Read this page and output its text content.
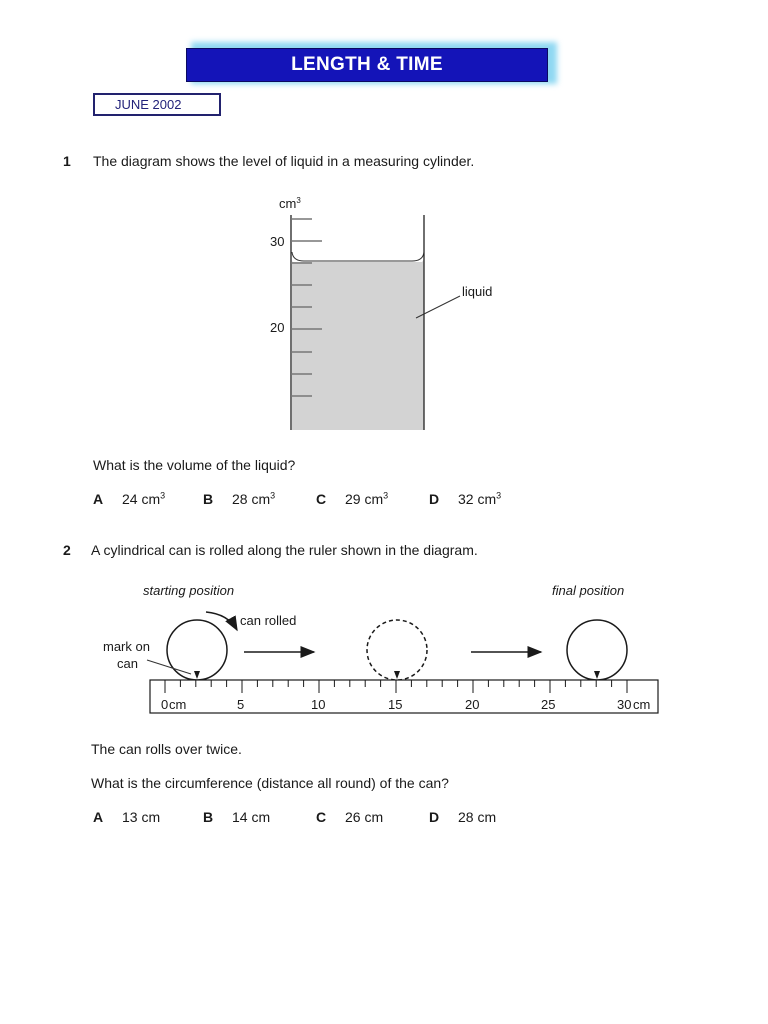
LENGTH & TIME
JUNE 2002
1 The diagram shows the level of liquid in a measuring cylinder.
$cm^3$
30
20
liquid
What is the volume of the liquid?
A 24 $cm^3$	B 28 $cm^3$	C 29 $cm^3$	D 32 $cm^3$
2 A cylindrical can is rolled along the ruler shown in the diagram.
starting position	final position
can rolled
mark on
can
0 cm	5	10	15	20	25	30 cm
The can rolls over twice.
What is the circumference (distance all round) of the can?
A 13 cm	B 14 cm	C 26 cm	D 28 cm
